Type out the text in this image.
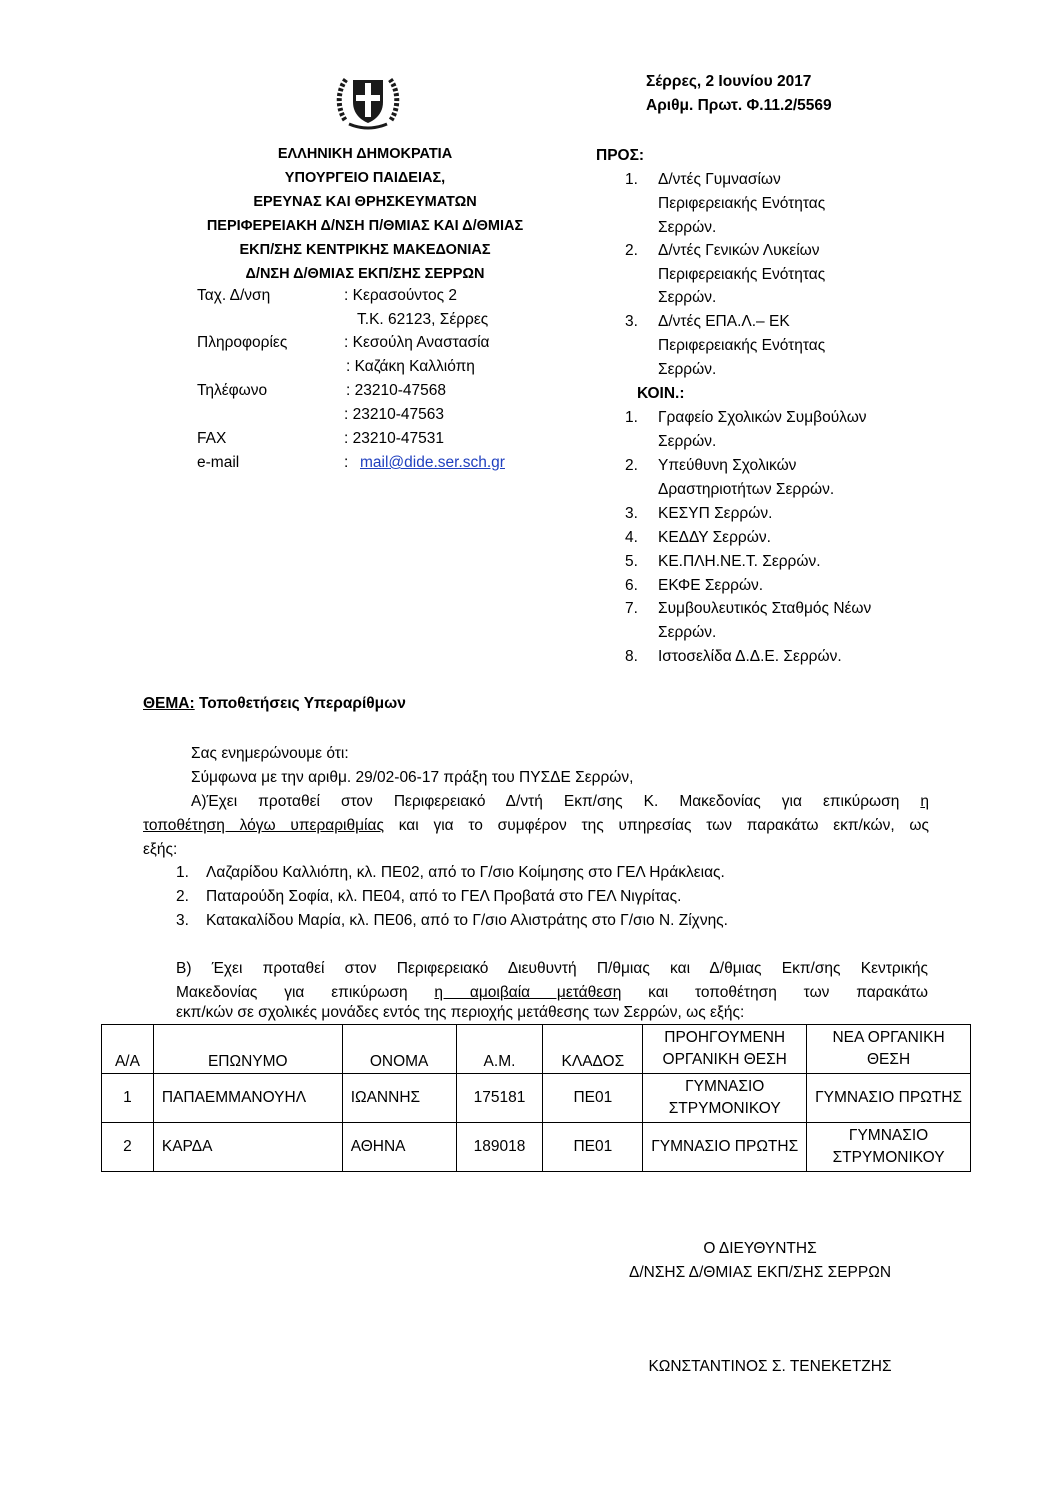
Σέρρες, 2 Ιουνίου 2017
Αριθμ. Πρωτ. Φ.11.2/5569
ΕΛΛΗΝΙΚΗ ΔΗΜΟΚΡΑΤΙΑ
ΥΠΟΥΡΓΕΙΟ ΠΑΙΔΕΙΑΣ,
ΕΡΕΥΝΑΣ ΚΑΙ ΘΡΗΣΚΕΥΜΑΤΩΝ
ΠΕΡΙΦΕΡΕΙΑΚΗ Δ/ΝΣΗ Π/ΘΜΙΑΣ ΚΑΙ Δ/ΘΜΙΑΣ
ΕΚΠ/ΣΗΣ ΚΕΝΤΡΙΚΗΣ ΜΑΚΕΔΟΝΙΑΣ
Δ/ΝΣΗ Δ/ΘΜΙΑΣ ΕΚΠ/ΣΗΣ ΣΕΡΡΩΝ
Ταχ. Δ/νση	: Κερασούντος 2
Τ.Κ. 62123, Σέρρες
Πληροφορίες	: Κεσούλη Αναστασία
: Καζάκη Καλλιόπη
Τηλέφωνο	: 23210-47568
: 23210-47563
FAX	: 23210-47531
e-mail	: mail@dide.ser.sch.gr
ΠΡΟΣ:
1.	Δ/ντές Γυμνασίων
Περιφερειακής Ενότητας
Σερρών.
2.	Δ/ντές Γενικών Λυκείων
Περιφερειακής Ενότητας
Σερρών.
3.	Δ/ντές ΕΠΑ.Λ.– ΕΚ
Περιφερειακής Ενότητας
Σερρών.
ΚΟΙΝ.:
1.	Γραφείο Σχολικών Συμβούλων
Σερρών.
2.	Υπεύθυνη Σχολικών
Δραστηριοτήτων Σερρών.
3.	ΚΕΣΥΠ Σερρών.
4.	ΚΕΔΔΥ Σερρών.
5.	ΚΕ.ΠΛΗ.ΝΕ.Τ. Σερρών.
6.	ΕΚΦΕ Σερρών.
7.	Συμβουλευτικός Σταθμός Νέων
Σερρών.
8.	Ιστοσελίδα Δ.Δ.Ε. Σερρών.
ΘΕΜΑ: Τοποθετήσεις Υπεραρίθμων
Σας ενημερώνουμε ότι:
Σύμφωνα με την αριθμ. 29/02-06-17 πράξη του ΠΥΣΔΕ Σερρών,
Α)Έχει προταθεί στον Περιφερειακό Δ/ντή Εκπ/σης Κ. Μακεδονίας για επικύρωση η
τοποθέτηση λόγω υπεραριθμίας και για το συμφέρον της υπηρεσίας των παρακάτω εκπ/κών, ως
εξής:
1. Λαζαρίδου Καλλιόπη, κλ. ΠΕ02, από το Γ/σιο Κοίμησης στο ΓΕΛ Ηράκλειας.
2. Παταρούδη Σοφία, κλ. ΠΕ04, από το ΓΕΛ Προβατά στο ΓΕΛ Νιγρίτας.
3. Κατακαλίδου Μαρία, κλ. ΠΕ06, από το Γ/σιο Αλιστράτης στο Γ/σιο Ν. Ζίχνης.
Β) Έχει προταθεί στον Περιφερειακό Διευθυντή Π/θμιας και Δ/θμιας Εκπ/σης Κεντρικής
Μακεδονίας για επικύρωση η αμοιβαία μετάθεση και τοποθέτηση των παρακάτω
εκπ/κών σε σχολικές μονάδες εντός της περιοχής μετάθεσης των Σερρών, ως εξής:
Α/Α	ΕΠΩΝΥΜΟ	ΟΝΟΜΑ	Α.Μ.	ΚΛΑΔΟΣ	ΠΡΟΗΓΟΥΜΕΝΗ ΟΡΓΑΝΙΚΗ ΘΕΣΗ	ΝΕΑ ΟΡΓΑΝΙΚΗ ΘΕΣΗ
1	ΠΑΠΑΕΜΜΑΝΟΥΗΛ	ΙΩΑΝΝΗΣ	175181	ΠΕ01	ΓΥΜΝΑΣΙΟ ΣΤΡΥΜΟΝΙΚΟΥ	ΓΥΜΝΑΣΙΟ ΠΡΩΤΗΣ
2	ΚΑΡΔΑ	ΑΘΗΝΑ	189018	ΠΕ01	ΓΥΜΝΑΣΙΟ ΠΡΩΤΗΣ	ΓΥΜΝΑΣΙΟ ΣΤΡΥΜΟΝΙΚΟΥ
Ο ΔΙΕΥΘΥΝΤΗΣ
Δ/ΝΣΗΣ Δ/ΘΜΙΑΣ ΕΚΠ/ΣΗΣ ΣΕΡΡΩΝ
ΚΩΝΣΤΑΝΤΙΝΟΣ Σ. ΤΕΝΕΚΕΤΖΗΣ
